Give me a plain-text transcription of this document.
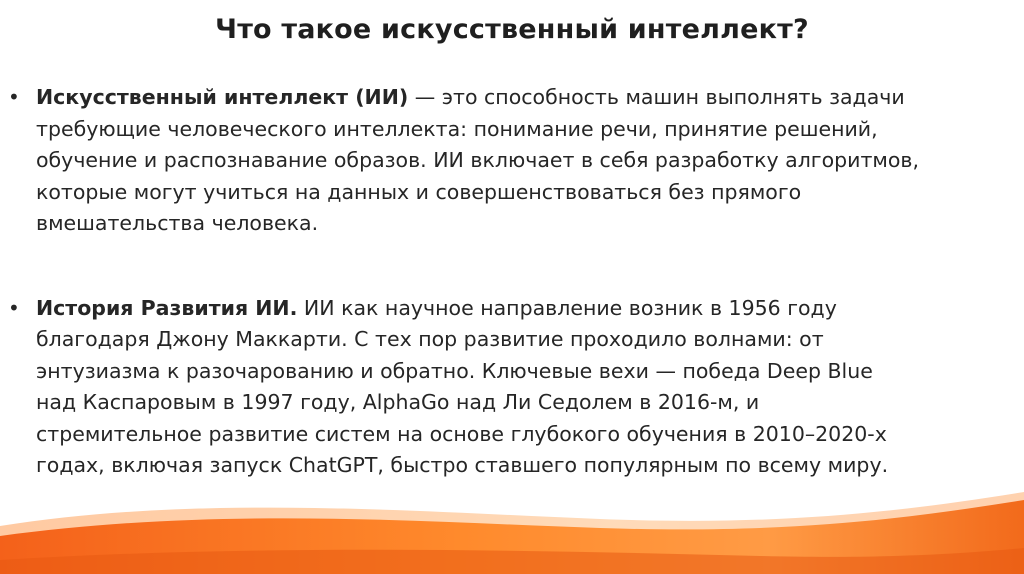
Что такое искусственный интеллект?
• Искусственный интеллект (ИИ) — это способность машин выполнять задачи
требующие человеческого интеллекта: понимание речи, принятие решений,
обучение и распознавание образов. ИИ включает в себя разработку алгоритмов,
которые могут учиться на данных и совершенствоваться без прямого
вмешательства человека.
• История Развития ИИ. ИИ как научное направление возник в 1956 году
благодаря Джону Маккарти. С тех пор развитие проходило волнами: от
энтузиазма к разочарованию и обратно. Ключевые вехи — победа Deep Blue
над Каспаровым в 1997 году, AlphaGo над Ли Седолем в 2016-м, и
стремительное развитие систем на основе глубокого обучения в 2010–2020-х
годах, включая запуск ChatGPT, быстро ставшего популярным по всему миру.
